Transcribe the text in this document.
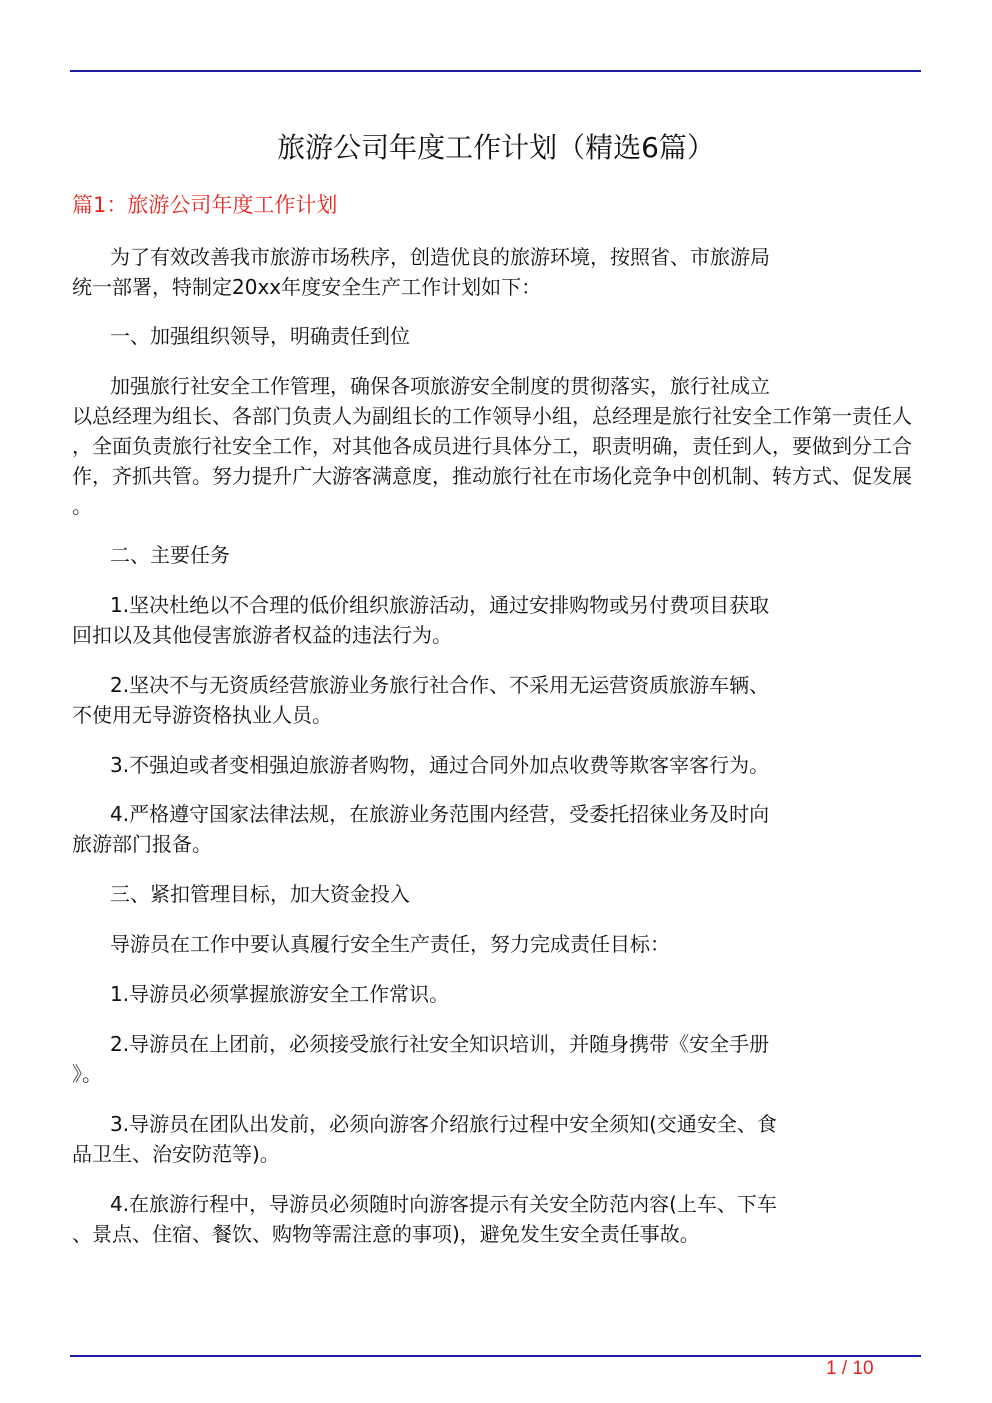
旅游公司年度工作计划（精选6篇）
篇1：旅游公司年度工作计划
为了有效改善我市旅游市场秩序，创造优良的旅游环境，按照省、市旅游局
统一部署，特制定20xx年度安全生产工作计划如下：
一、加强组织领导，明确责任到位
加强旅行社安全工作管理，确保各项旅游安全制度的贯彻落实，旅行社成立
以总经理为组长、各部门负责人为副组长的工作领导小组，总经理是旅行社安全工作第一责任人
，全面负责旅行社安全工作，对其他各成员进行具体分工，职责明确，责任到人，要做到分工合
作，齐抓共管。努力提升广大游客满意度，推动旅行社在市场化竞争中创机制、转方式、促发展
。
二、主要任务
1.坚决杜绝以不合理的低价组织旅游活动，通过安排购物或另付费项目获取
回扣以及其他侵害旅游者权益的违法行为。
2.坚决不与无资质经营旅游业务旅行社合作、不采用无运营资质旅游车辆、
不使用无导游资格执业人员。
3.不强迫或者变相强迫旅游者购物，通过合同外加点收费等欺客宰客行为。
4.严格遵守国家法律法规，在旅游业务范围内经营，受委托招徕业务及时向
旅游部门报备。
三、紧扣管理目标，加大资金投入
导游员在工作中要认真履行安全生产责任，努力完成责任目标：
1.导游员必须掌握旅游安全工作常识。
2.导游员在上团前，必须接受旅行社安全知识培训，并随身携带《安全手册
》。
3.导游员在团队出发前，必须向游客介绍旅行过程中安全须知(交通安全、食
品卫生、治安防范等)。
4.在旅游行程中，导游员必须随时向游客提示有关安全防范内容(上车、下车
、景点、住宿、餐饮、购物等需注意的事项)，避免发生安全责任事故。
1 / 10
